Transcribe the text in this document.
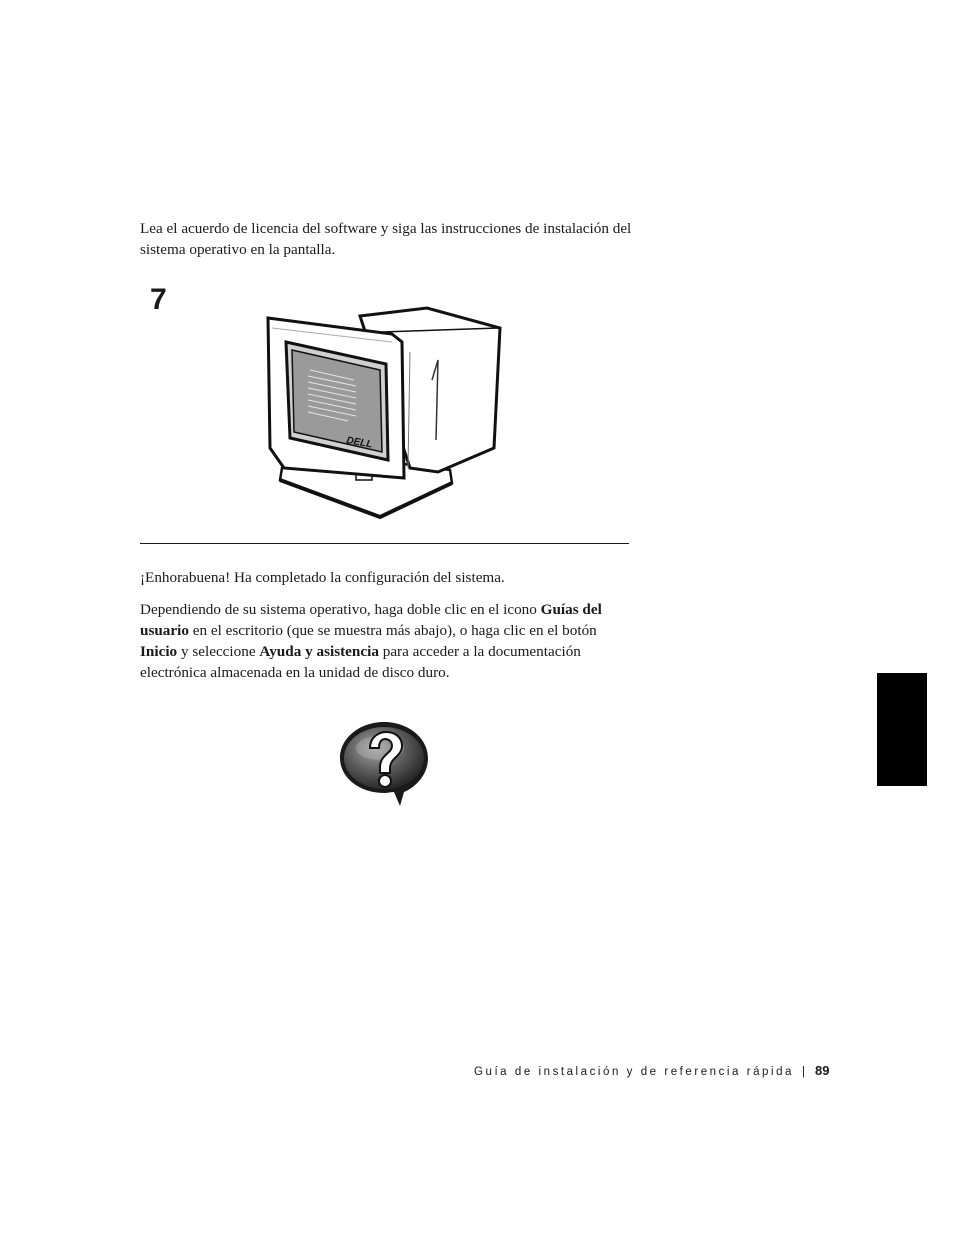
Lea el acuerdo de licencia del software y siga las instrucciones de instalación del sistema operativo en la pantalla.

7
DELL

¡Enhorabuena! Ha completado la configuración del sistema.

Dependiendo de su sistema operativo, haga doble clic en el icono Guías del usuario en el escritorio (que se muestra más abajo), o haga clic en el botón Inicio y seleccione Ayuda y asistencia para acceder a la documentación electrónica almacenada en la unidad de disco duro.

Guía de instalación y de referencia rápida | 89
